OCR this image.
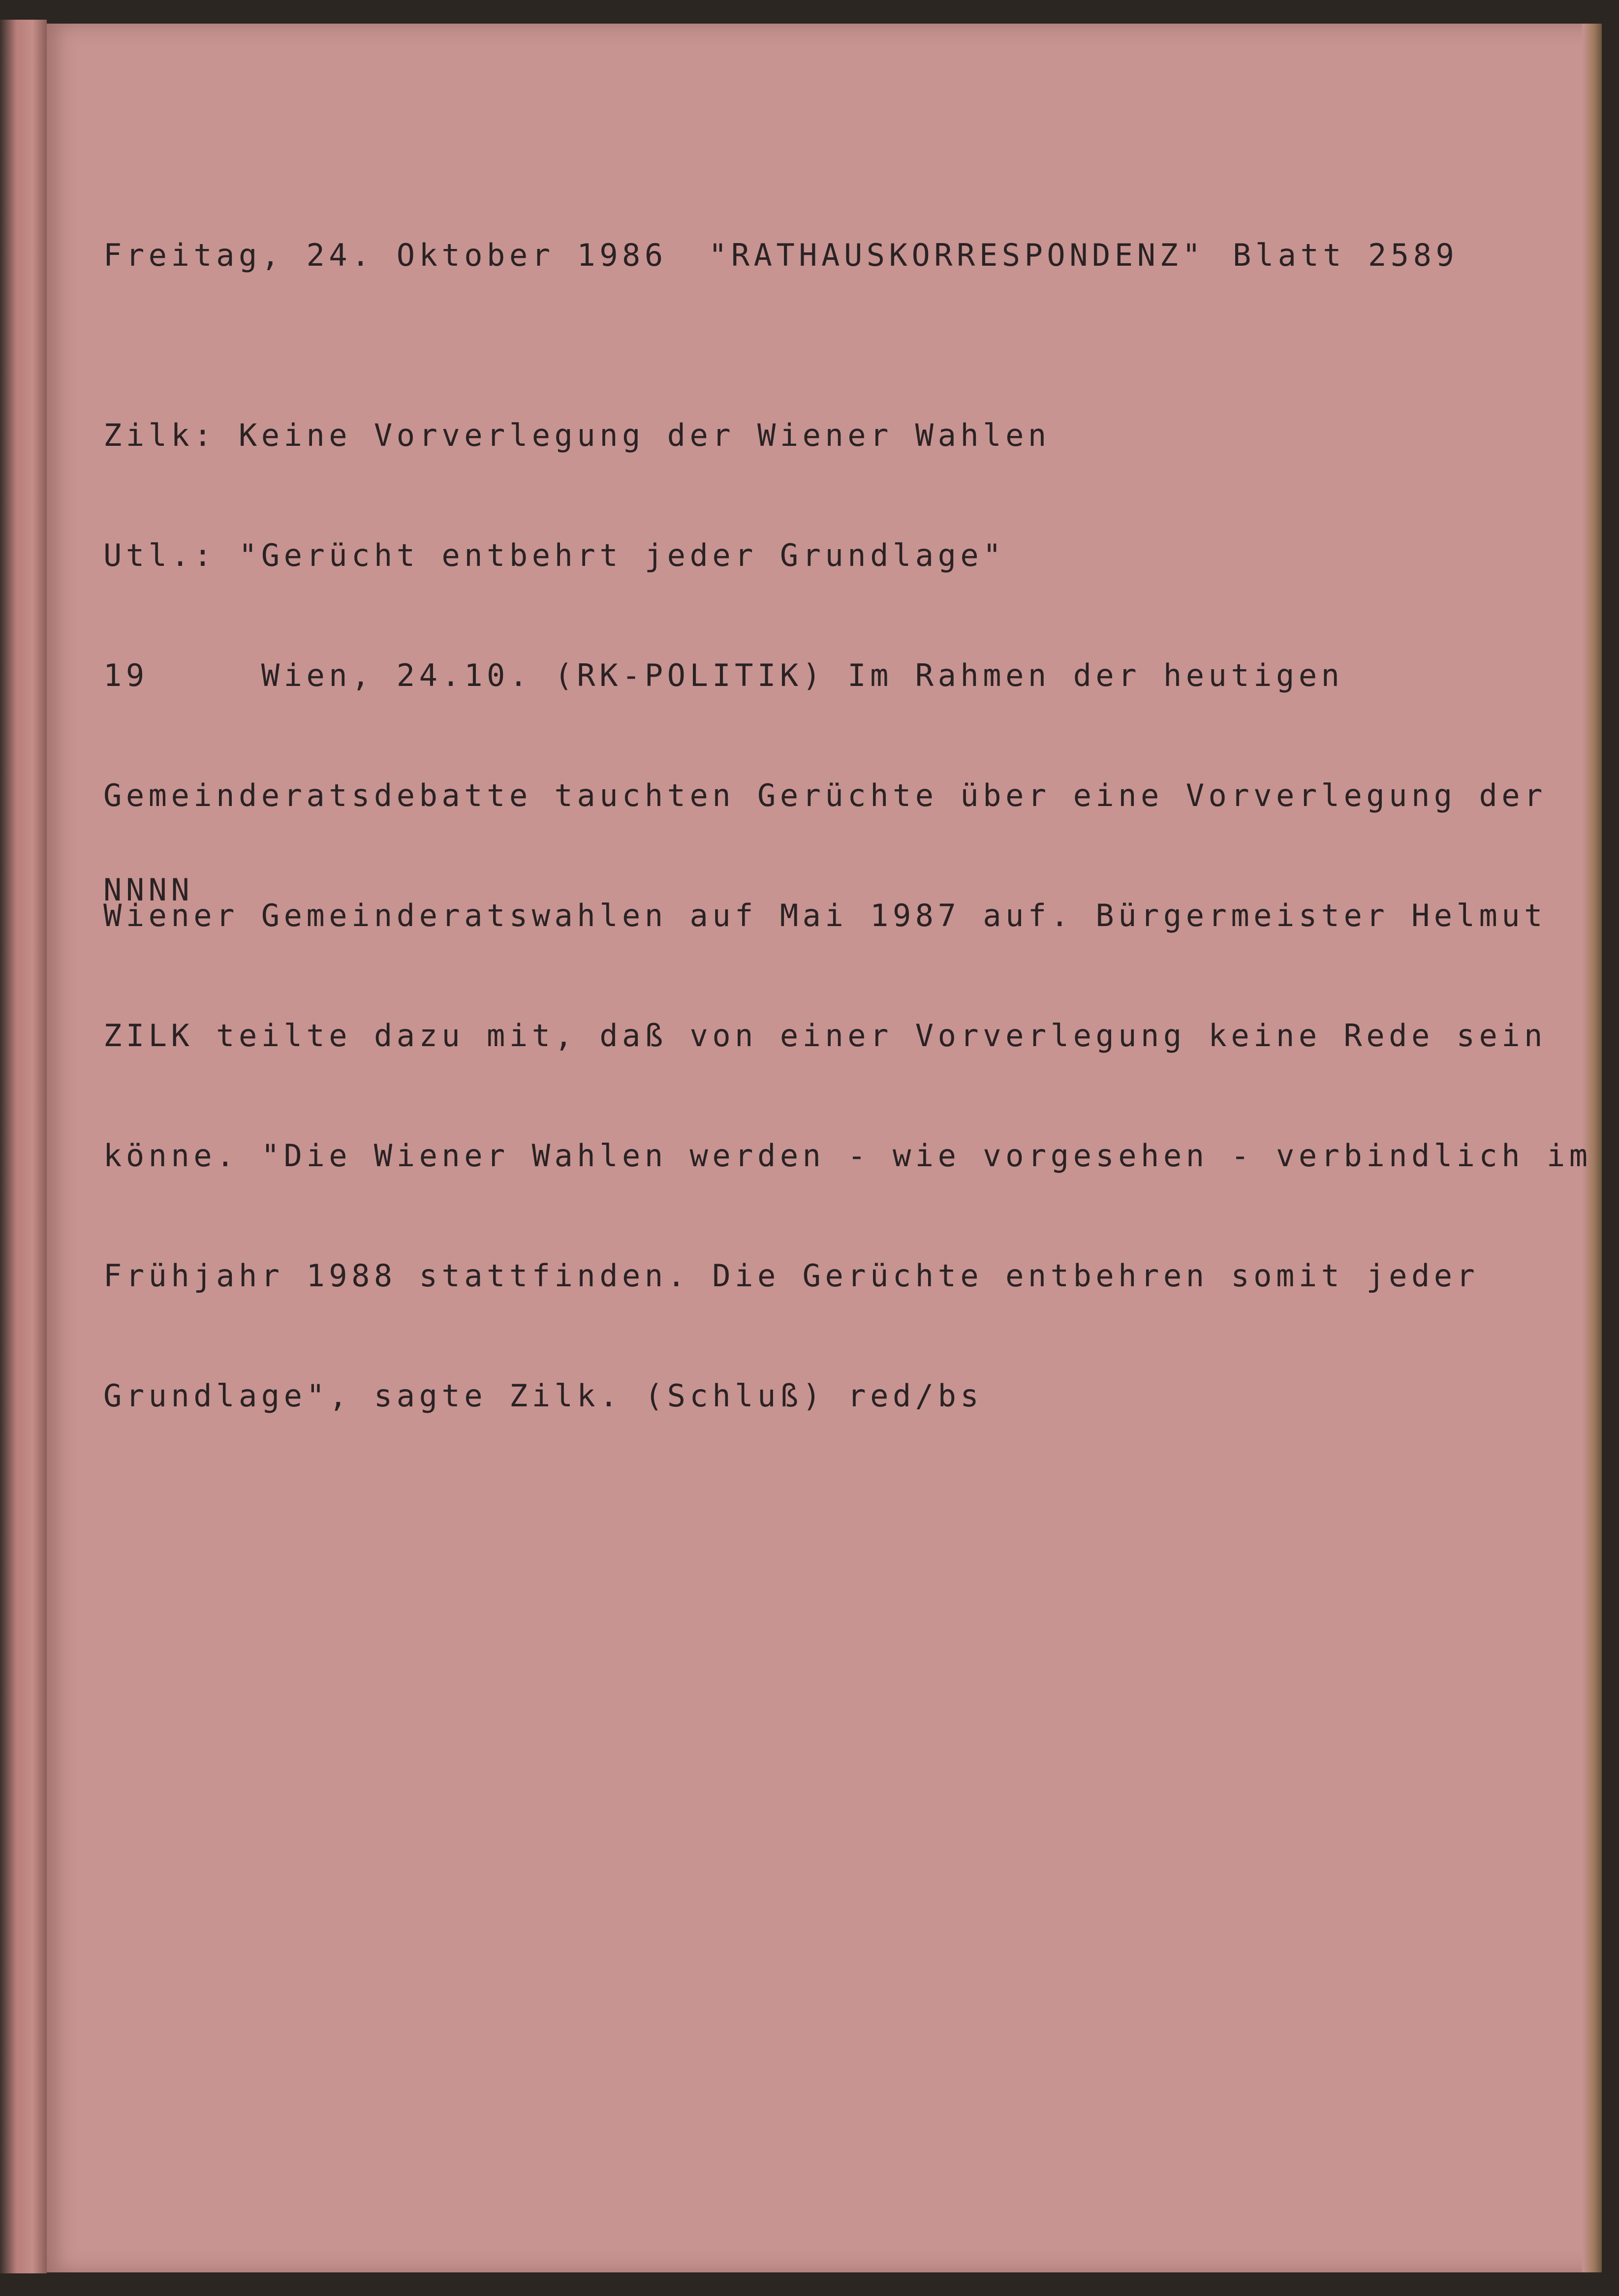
Freitag, 24. Oktober 1986 "RATHAUSKORRESPONDENZ" Blatt 2589

Zilk: Keine Vorverlegung der Wiener Wahlen

Utl.: "Gerücht entbehrt jeder Grundlage"

19     Wien, 24.10. (RK-POLITIK) Im Rahmen der heutigen

Gemeinderatsdebatte tauchten Gerüchte über eine Vorverlegung der

Wiener Gemeinderatswahlen auf Mai 1987 auf. Bürgermeister Helmut

ZILK teilte dazu mit, daß von einer Vorverlegung keine Rede sein

könne. "Die Wiener Wahlen werden - wie vorgesehen - verbindlich im

Frühjahr 1988 stattfinden. Die Gerüchte entbehren somit jeder

Grundlage", sagte Zilk. (Schluß) red/bs

NNNN
